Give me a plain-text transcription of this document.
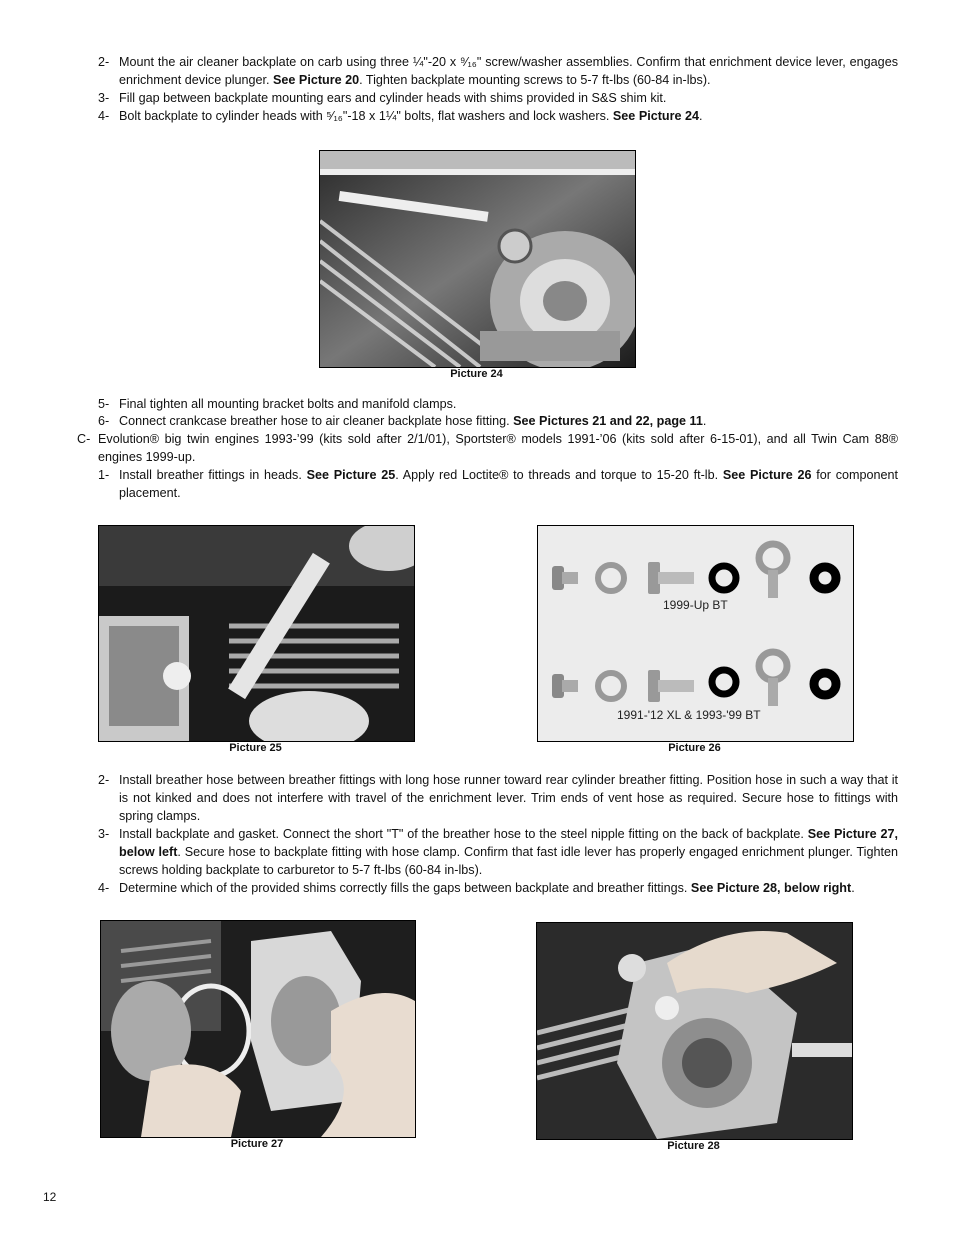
2- Mount the air cleaner backplate on carb using three ¼"-20 x ⁹⁄₁₆" screw/washer assemblies. Confirm that enrichment device lever, engages enrichment device plunger. See Picture 20. Tighten backplate mounting screws to 5-7 ft-lbs (60-84 in-lbs).
3- Fill gap between backplate mounting ears and cylinder heads with shims provided in S&S shim kit.
4- Bolt backplate to cylinder heads with ⁵⁄₁₆"-18 x 1¼" bolts, flat washers and lock washers. See Picture 24.
Picture 24
5- Final tighten all mounting bracket bolts and manifold clamps.
6- Connect crankcase breather hose to air cleaner backplate hose fitting. See Pictures 21 and 22, page 11.
C- Evolution® big twin engines 1993-’99 (kits sold after 2/1/01), Sportster® models 1991-’06 (kits sold after 6-15-01), and all Twin Cam 88® engines 1999-up.
1- Install breather fittings in heads. See Picture 25. Apply red Loctite® to threads and torque to 15-20 ft-lb. See Picture 26 for component placement.
Picture 25
1999-Up BT
1991-'12 XL & 1993-'99 BT
Picture 26
2- Install breather hose between breather fittings with long hose runner toward rear cylinder breather fitting. Position hose in such a way that it is not kinked and does not interfere with travel of the enrichment lever. Trim ends of vent hose as required. Secure hose to fittings with spring clamps.
3- Install backplate and gasket. Connect the short "T" of the breather hose to the steel nipple fitting on the back of backplate. See Picture 27, below left. Secure hose to backplate fitting with hose clamp. Confirm that fast idle lever has properly engaged enrichment plunger. Tighten screws holding backplate to carburetor to 5-7 ft-lbs (60-84 in-lbs).
4- Determine which of the provided shims correctly fills the gaps between backplate and breather fittings. See Picture 28, below right.
Picture 27	Picture 28
12
